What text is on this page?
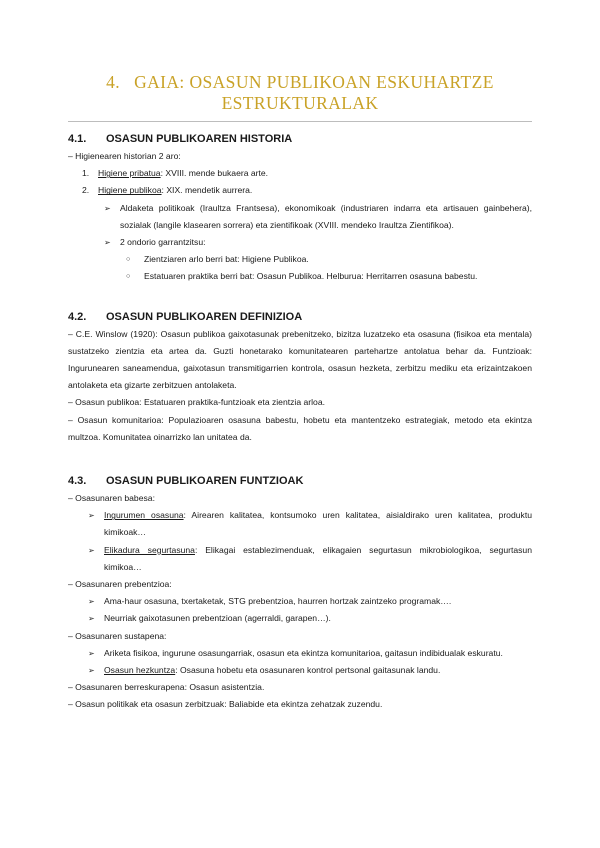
4. GAIA: OSASUN PUBLIKOAN ESKUHARTZE ESTRUKTURALAK
4.1. OSASUN PUBLIKOAREN HISTORIA

– Higienearen historian 2 aro:

1.	Higiene pribatua: XVIII. mende bukaera arte.
2.	Higiene publikoa: XIX. mendetik aurrera.
➢	Aldaketa politikoak (Iraultza Frantsesa), ekonomikoak (industriaren indarra eta artisauen gainbehera), sozialak (langile klasearen sorrera) eta zientifikoak (XVIII. mendeko Iraultza Zientifikoa).
➢	2 ondorio garrantzitsu:
○	Zientziaren arlo berri bat: Higiene Publikoa.
○	Estatuaren praktika berri bat: Osasun Publikoa. Helburua: Herritarren osasuna babestu.
4.2. OSASUN PUBLIKOAREN DEFINIZIOA

– C.E. Winslow (1920): Osasun publikoa gaixotasunak prebenitzeko, bizitza luzatzeko eta osasuna (fisikoa eta mentala) sustatzeko zientzia eta artea da. Guzti honetarako komunitatearen partehartze antolatua behar da. Funtzioak: Ingurunearen saneamendua, gaixotasun transmitigarrien kontrola, osasun hezketa, zerbitzu mediku eta erizaintzakoen antolaketa eta gizarte zerbitzuen antolaketa.

– Osasun publikoa: Estatuaren praktika-funtzioak eta zientzia arloa.

– Osasun komunitarioa: Populazioaren osasuna babestu, hobetu eta mantentzeko estrategiak, metodo eta ekintza multzoa. Komunitatea oinarrizko lan unitatea da.

4.3. OSASUN PUBLIKOAREN FUNTZIOAK

– Osasunaren babesa:

➢	Ingurumen osasuna: Airearen kalitatea, kontsumoko uren kalitatea, aisialdirako uren kalitatea, produktu kimikoak…
➢	Elikadura segurtasuna: Elikagai establezimenduak, elikagaien segurtasun mikrobiologikoa, segurtasun kimikoa…

– Osasunaren prebentzioa:

➢	Ama-haur osasuna, txertaketak, STG prebentzioa, haurren hortzak zaintzeko programak….
➢	Neurriak gaixotasunen prebentzioan (agerraldi, garapen…).

– Osasunaren sustapena:

➢	Ariketa fisikoa, ingurune osasungarriak, osasun eta ekintza komunitarioa, gaitasun indibidualak eskuratu.
➢	Osasun hezkuntza: Osasuna hobetu eta osasunaren kontrol pertsonal gaitasunak landu.

– Osasunaren berreskurapena: Osasun asistentzia.

– Osasun politikak eta osasun zerbitzuak: Baliabide eta ekintza zehatzak zuzendu.
